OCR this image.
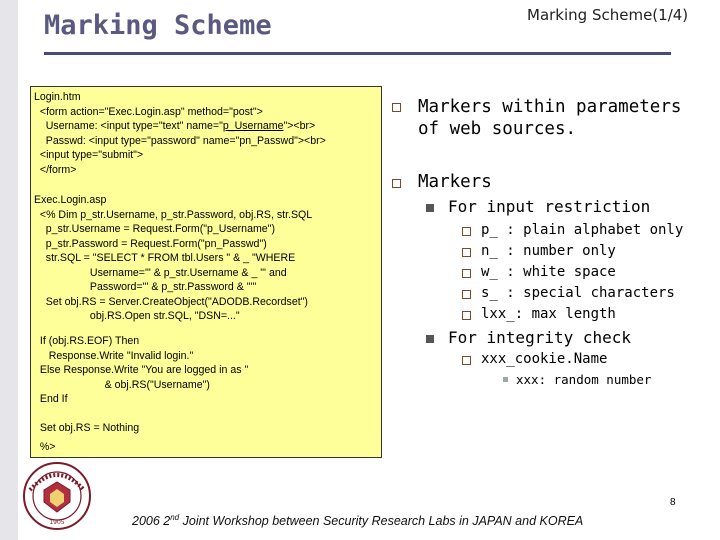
Marking Scheme	Marking Scheme(1/4)
Login.htm
<form action="Exec.Login.asp" method="post">
Username: <input type="text" name="p_Username"><br>
Passwd: <input type="password" name="pn_Passwd"><br>
<input type="submit">
</form>
Exec.Login.asp
<% Dim p_str.Username, p_str.Password, obj.RS, str.SQL
p_str.Username = Request.Form("p_Username")
p_str.Password = Request.Form("pn_Passwd")
str.SQL = "SELECT * FROM tbl.Users " & _ "WHERE
Username='" & p_str.Username & _ "' and
Password='" & p_str.Password & "'"
Set obj.RS = Server.CreateObject("ADODB.Recordset")
obj.RS.Open str.SQL, "DSN=..."
If (obj.RS.EOF) Then
Response.Write "Invalid login."
Else Response.Write "You are logged in as "
& obj.RS("Username")
End If
Set obj.RS = Nothing
%>
Markers within parameters
of web sources.
Markers
For input restriction
p_ : plain alphabet only
n_ : number only
w_ : white space
s_ : special characters
lxx_: max length
For integrity check
xxx_cookie.Name
xxx: random number
1905
8
2006 2nd Joint Workshop between Security Research Labs in JAPAN and KOREA
